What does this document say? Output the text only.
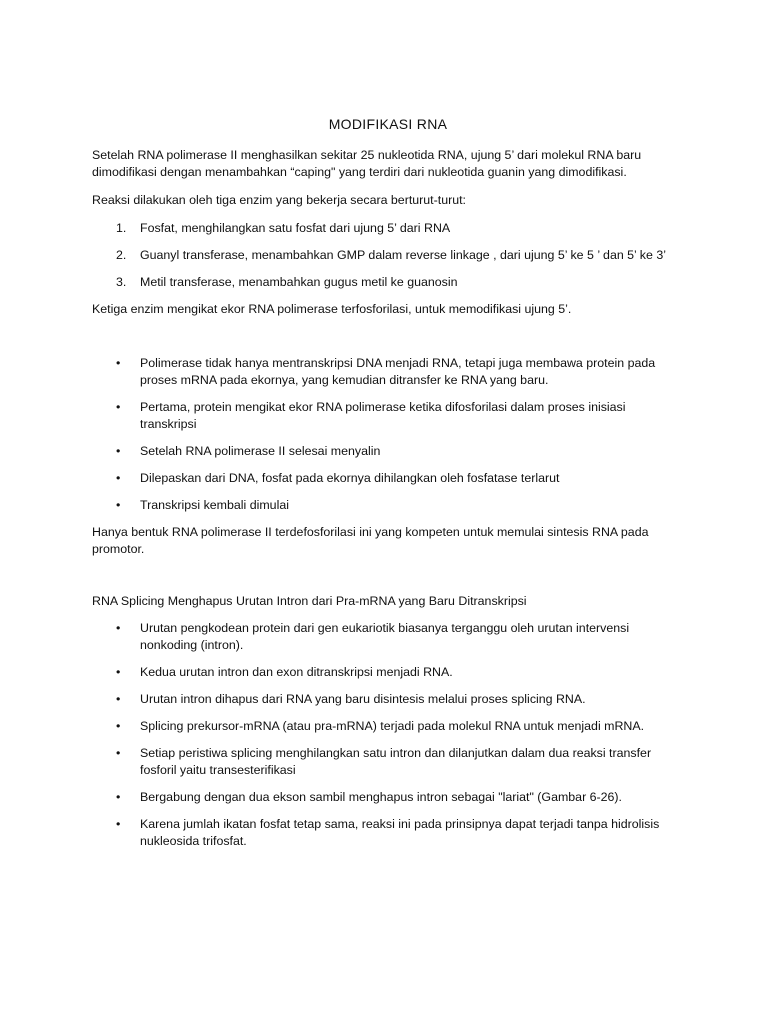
MODIFIKASI RNA

Setelah RNA polimerase II menghasilkan sekitar 25 nukleotida RNA, ujung 5’ dari molekul RNA baru dimodifikasi dengan menambahkan “caping" yang terdiri dari nukleotida guanin yang dimodifikasi.

Reaksi dilakukan oleh tiga enzim yang bekerja secara berturut-turut:

1. Fosfat, menghilangkan satu fosfat dari ujung 5’ dari RNA
2. Guanyl transferase, menambahkan GMP dalam reverse linkage , dari ujung 5’ ke 5 ’ dan 5’ ke 3’
3. Metil transferase, menambahkan gugus metil ke guanosin

Ketiga enzim mengikat ekor RNA polimerase terfosforilasi, untuk memodifikasi ujung 5’.

• Polimerase tidak hanya mentranskripsi DNA menjadi RNA, tetapi juga membawa protein pada proses mRNA pada ekornya, yang kemudian ditransfer ke RNA yang baru.
• Pertama, protein mengikat ekor RNA polimerase ketika difosforilasi dalam proses inisiasi transkripsi
• Setelah RNA polimerase II selesai menyalin
• Dilepaskan dari DNA, fosfat pada ekornya dihilangkan oleh fosfatase terlarut
• Transkripsi kembali dimulai

Hanya bentuk RNA polimerase II terdefosforilasi ini yang kompeten untuk memulai sintesis RNA pada promotor.

RNA Splicing Menghapus Urutan Intron dari Pra-mRNA yang Baru Ditranskripsi

• Urutan pengkodean protein dari gen eukariotik biasanya terganggu oleh urutan intervensi nonkoding (intron).
• Kedua urutan intron dan exon ditranskripsi menjadi RNA.
• Urutan intron dihapus dari RNA yang baru disintesis melalui proses splicing RNA.
• Splicing prekursor-mRNA (atau pra-mRNA) terjadi pada molekul RNA untuk menjadi mRNA.
• Setiap peristiwa splicing menghilangkan satu intron dan dilanjutkan dalam dua reaksi transfer fosforil yaitu transesterifikasi
• Bergabung dengan dua ekson sambil menghapus intron sebagai "lariat" (Gambar 6-26).
• Karena jumlah ikatan fosfat tetap sama, reaksi ini pada prinsipnya dapat terjadi tanpa hidrolisis nukleosida trifosfat.
